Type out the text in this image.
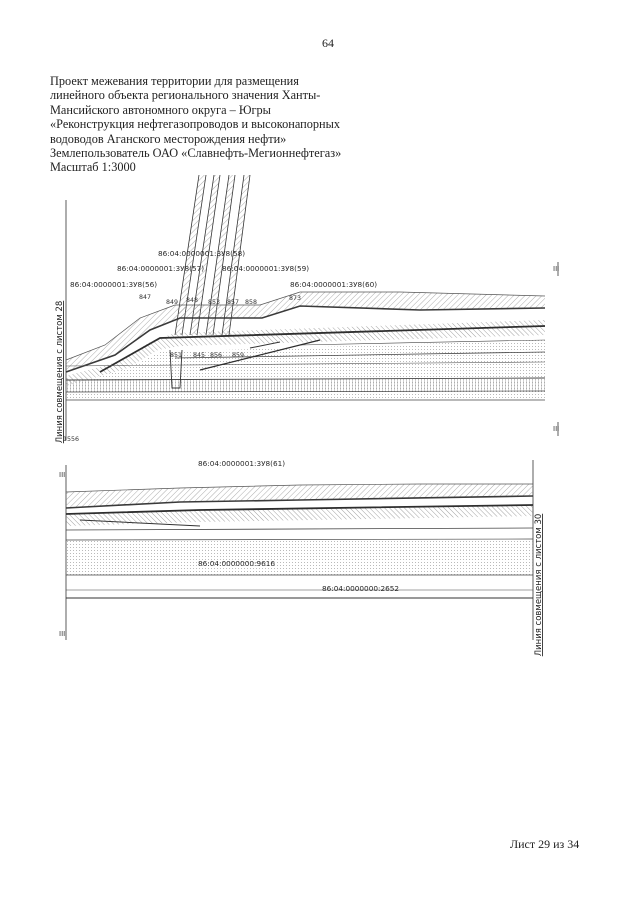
64
Проект межевания территории для размещения
линейного объекта регионального значения Ханты-
Мансийского автономного округа – Югры
«Реконструкция нефтегазопроводов и высоконапорных
водоводов Аганского месторождения нефти»
Землепользователь ОАО «Славнефть-Мегионнефтегаз»
Масштаб 1:3000
86:04:0000001:3У8(58)
86:04:0000001:3У8(57) 86:04:0000001:3У8(59)
86:04:0000001:3У8(56)	86:04:0000001:3У8(60)
847
849 848 853 857 858
873
851 845 856 859
1556
Линия совмещения с листом 28
III
III
86:04:0000001:3У8(61)
86:04:0000000:9616
86:04:0000000:2652	Линия совмещения с листом 30
III
III
Лист 29 из 34
